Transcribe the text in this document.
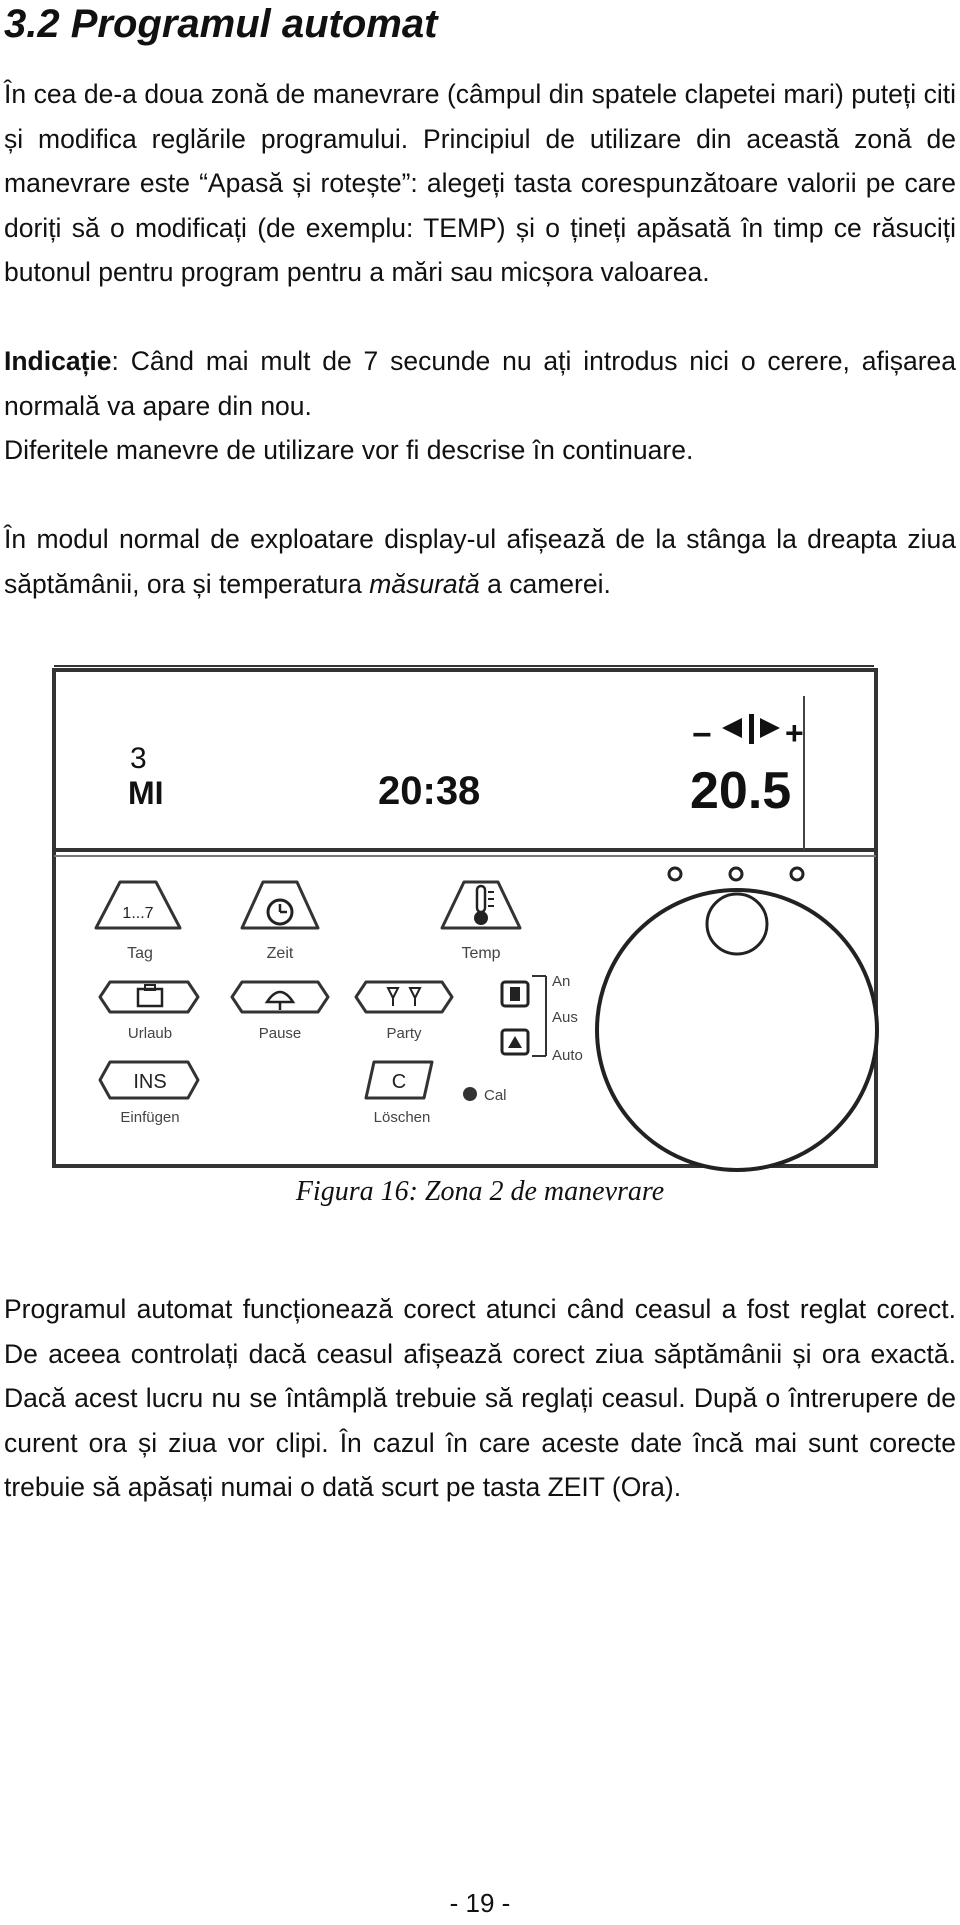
3.2 Programul automat

În cea de-a doua zonă de manevrare (câmpul din spatele clapetei mari) puteți citi și modifica reglările programului. Principiul de utilizare din această zonă de manevrare este “Apasă și rotește”: alegeți tasta corespunzătoare valorii pe care doriți să o modificați (de exemplu: TEMP) și o țineți apăsată în timp ce răsuciți butonul pentru program pentru a mări sau micșora valoarea.

Indicație: Când mai mult de 7 secunde nu ați introdus nici o cerere, afișarea normală va apare din nou.

Diferitele manevre de utilizare vor fi descrise în continuare.

În modul normal de exploatare display-ul afișează de la stânga la dreapta ziua săptămânii, ora și temperatura măsurată a camerei.

3
MI	20:38
− +
20.5
1...7
Tag	Zeit	Temp
Urlaub	Pause	Party
INS
Einfügen
C
Löschen
Cal
An
Aus
Auto

Figura 16: Zona 2 de manevrare

Programul automat funcționează corect atunci când ceasul a fost reglat corect. De aceea controlați dacă ceasul afișează corect ziua săptămânii și ora exactă. Dacă acest lucru nu se întâmplă trebuie să reglați ceasul. După o întrerupere de curent ora și ziua vor clipi. În cazul în care aceste date încă mai sunt corecte trebuie să apăsați numai o dată scurt pe tasta ZEIT (Ora).

- 19 -
